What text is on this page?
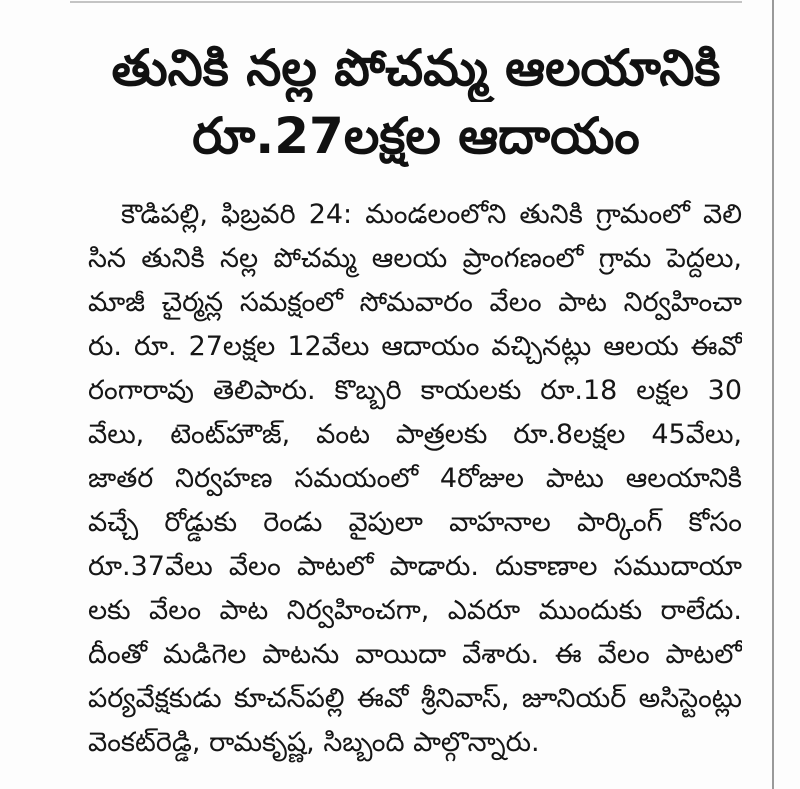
తునికి నల్ల పోచమ్మ ఆలయానికి
రూ.27లక్షల ఆదాయం
కౌడిపల్లి, ఫిబ్రవరి 24: మండలంలోని తునికి గ్రామంలో వెలి
సిన తునికి నల్ల పోచమ్మ ఆలయ ప్రాంగణంలో గ్రామ పెద్దలు,
మాజీ చైర్మన్ల సమక్షంలో సోమవారం వేలం పాట నిర్వహించా
రు. రూ. 27లక్షల 12వేలు ఆదాయం వచ్చినట్లు ఆలయ ఈవో
రంగారావు తెలిపారు. కొబ్బరి కాయలకు రూ.18 లక్షల 30
వేలు, టెంట్‌హౌజ్, వంట పాత్రలకు రూ.8లక్షల 45వేలు,
జాతర నిర్వహణ సమయంలో 4రోజుల పాటు ఆలయానికి
వచ్చే రోడ్డుకు రెండు వైపులా వాహనాల పార్కింగ్ కోసం
రూ.37వేలు వేలం పాటలో పాడారు. దుకాణాల సముదాయా
లకు వేలం పాట నిర్వహించగా, ఎవరూ ముందుకు రాలేదు.
దీంతో మడిగెల పాటను వాయిదా వేశారు. ఈ వేలం పాటలో
పర్యవేక్షకుడు కూచన్‌పల్లి ఈవో శ్రీనివాస్, జూనియర్ అసిస్టెంట్లు
వెంకట్‌రెడ్డి, రామకృష్ణ, సిబ్బంది పాల్గొన్నారు.
